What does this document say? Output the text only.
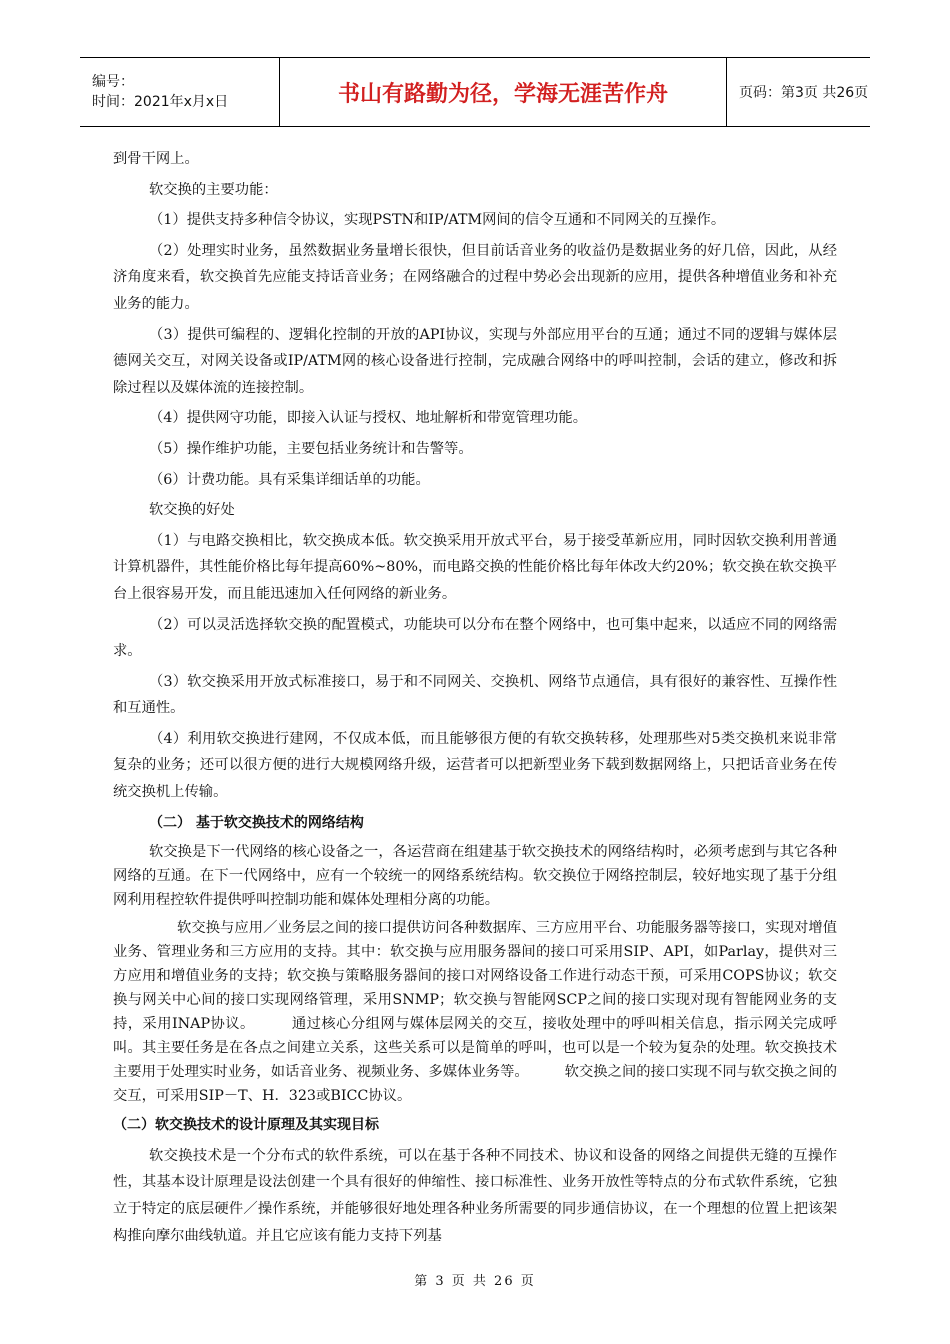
编号：
时间：2021年x月x日	书山有路勤为径，学海无涯苦作舟	页码：第3页 共26页

到骨干网上。

软交换的主要功能：

（1）提供支持多种信令协议，实现PSTN和IP/ATM网间的信令互通和不同网关的互操作。

（2）处理实时业务，虽然数据业务量增长很快，但目前话音业务的收益仍是数据业务的好几倍，因此，从经济角度来看，软交换首先应能支持话音业务；在网络融合的过程中势必会出现新的应用，提供各种增值业务和补充业务的能力。

（3）提供可编程的、逻辑化控制的开放的API协议，实现与外部应用平台的互通；通过不同的逻辑与媒体层德网关交互，对网关设备或IP/ATM网的核心设备进行控制，完成融合网络中的呼叫控制，会话的建立，修改和拆除过程以及媒体流的连接控制。

（4）提供网守功能，即接入认证与授权、地址解析和带宽管理功能。

（5）操作维护功能，主要包括业务统计和告警等。

（6）计费功能。具有采集详细话单的功能。

软交换的好处

（1）与电路交换相比，软交换成本低。软交换采用开放式平台，易于接受革新应用，同时因软交换利用普通计算机器件，其性能价格比每年提高60%~80%，而电路交换的性能价格比每年体改大约20%；软交换在软交换平台上很容易开发，而且能迅速加入任何网络的新业务。

（2）可以灵活选择软交换的配置模式，功能块可以分布在整个网络中，也可集中起来，以适应不同的网络需求。

（3）软交换采用开放式标准接口，易于和不同网关、交换机、网络节点通信，具有很好的兼容性、互操作性和互通性。

（4）利用软交换进行建网，不仅成本低，而且能够很方便的有软交换转移，处理那些对5类交换机来说非常复杂的业务；还可以很方便的进行大规模网络升级，运营者可以把新型业务下载到数据网络上，只把话音业务在传统交换机上传输。

（二） 基于软交换技术的网络结构

软交换是下一代网络的核心设备之一，各运营商在组建基于软交换技术的网络结构时，必须考虑到与其它各种网络的互通。在下一代网络中，应有一个较统一的网络系统结构。软交换位于网络控制层，较好地实现了基于分组网利用程控软件提供呼叫控制功能和媒体处理相分离的功能。

软交换与应用／业务层之间的接口提供访问各种数据库、三方应用平台、功能服务器等接口，实现对增值业务、管理业务和三方应用的支持。其中：软交换与应用服务器间的接口可采用SIP、API，如Parlay，提供对三方应用和增值业务的支持；软交换与策略服务器间的接口对网络设备工作进行动态干预，可采用COPS协议；软交换与网关中心间的接口实现网络管理，采用SNMP；软交换与智能网SCP之间的接口实现对现有智能网业务的支持，采用INAP协议。　　　通过核心分组网与媒体层网关的交互，接收处理中的呼叫相关信息，指示网关完成呼叫。其主要任务是在各点之间建立关系，这些关系可以是简单的呼叫，也可以是一个较为复杂的处理。软交换技术主要用于处理实时业务，如话音业务、视频业务、多媒体业务等。　　　软交换之间的接口实现不同与软交换之间的交互，可采用SIP－T、H．323或BICC协议。

（二）软交换技术的设计原理及其实现目标

软交换技术是一个分布式的软件系统，可以在基于各种不同技术、协议和设备的网络之间提供无缝的互操作性，其基本设计原理是设法创建一个具有很好的伸缩性、接口标准性、业务开放性等特点的分布式软件系统，它独立于特定的底层硬件／操作系统，并能够很好地处理各种业务所需要的同步通信协议，在一个理想的位置上把该架构推向摩尔曲线轨道。并且它应该有能力支持下列基

第 3 页 共 26 页
